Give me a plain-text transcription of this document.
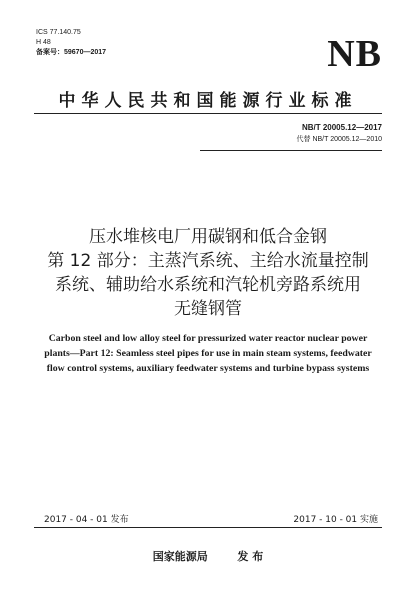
ICS 77.140.75
H 48
备案号：59670—2017	NB
中华人民共和国能源行业标准
NB/T 20005.12—2017
代替 NB/T 20005.12—2010
压水堆核电厂用碳钢和低合金钢
第 12 部分：主蒸汽系统、主给水流量控制
系统、辅助给水系统和汽轮机旁路系统用
无缝钢管
Carbon steel and low alloy steel for pressurized water reactor nuclear power
plants—Part 12: Seamless steel pipes for use in main steam systems, feedwater
flow control systems, auxiliary feedwater systems and turbine bypass systems
2017 - 04 - 01 发布	2017 - 10 - 01 实施
国家能源局	发 布
